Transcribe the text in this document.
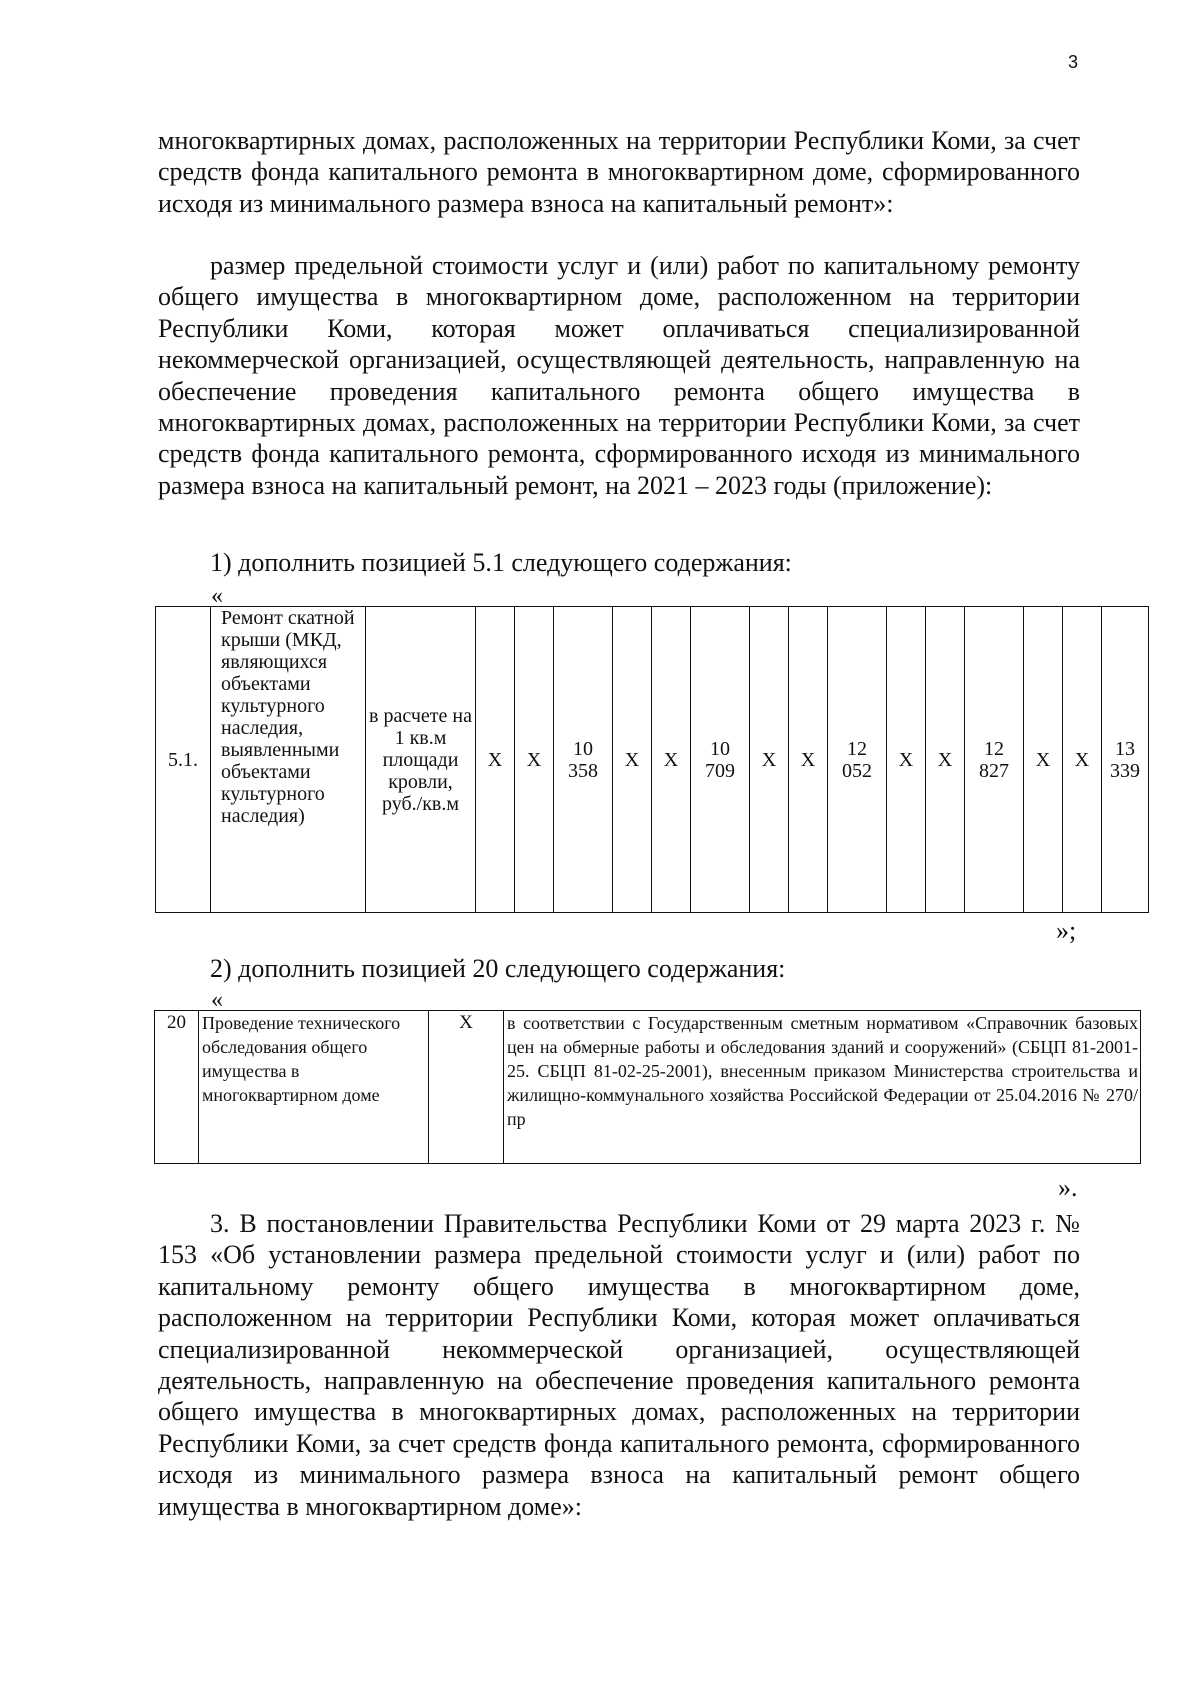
3

многоквартирных домах, расположенных на территории Республики Коми, за счет средств фонда капитального ремонта в многоквартирном доме, сформированного исходя из минимального размера взноса на капитальный ремонт»:

размер предельной стоимости услуг и (или) работ по капитальному ремонту общего имущества в многоквартирном доме, расположенном на территории Республики Коми, которая может оплачиваться специализированной некоммерческой организацией, осуществляющей деятельность, направленную на обеспечение проведения капитального ремонта общего имущества в многоквартирных домах, расположенных на территории Республики Коми, за счет средств фонда капитального ремонта, сформированного исходя из минимального размера взноса на капитальный ремонт, на 2021 – 2023 годы (приложение):

1) дополнить позицией 5.1 следующего содержания:

«
5.1.	Ремонт скатной крыши (МКД, являющихся объектами культурного наследия, выявленными объектами культурного наследия)	в расчете на 1 кв.м площади кровли, руб./кв.м	X	X	10 358	X	X	10 709	X	X	12 052	X	X	12 827	X	X	13 339
»;

2) дополнить позицией 20 следующего содержания:

«
20	Проведение технического обследования общего имущества в многоквартирном доме	X	в соответствии с Государственным сметным нормативом «Справочник базовых цен на обмерные работы и обследования зданий и сооружений» (СБЦП 81-2001-25. СБЦП 81-02-25-2001), внесенным приказом Министерства строительства и жилищно-коммунального хозяйства Российской Федерации от 25.04.2016 № 270/пр
».

3. В постановлении Правительства Республики Коми от 29 марта 2023 г. № 153 «Об установлении размера предельной стоимости услуг и (или) работ по капитальному ремонту общего имущества в многоквартирном доме, расположенном на территории Республики Коми, которая может оплачиваться специализированной некоммерческой организацией, осуществляющей деятельность, направленную на обеспечение проведения капитального ремонта общего имущества в многоквартирных домах, расположенных на территории Республики Коми, за счет средств фонда капитального ремонта, сформированного исходя из минимального размера взноса на капитальный ремонт общего имущества в многоквартирном доме»:
